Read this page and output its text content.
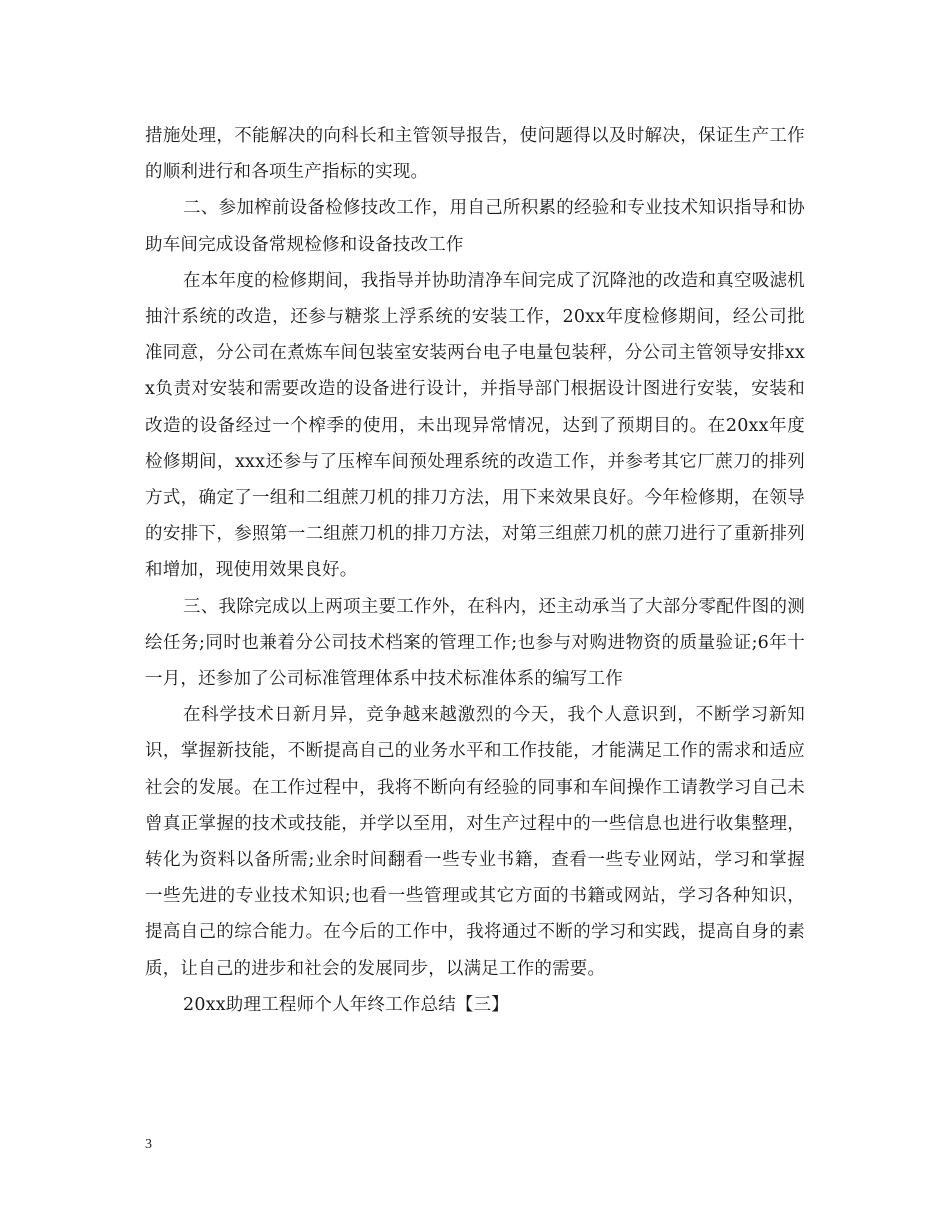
措施处理，不能解决的向科长和主管领导报告，使问题得以及时解决，保证生产工作的顺利进行和各项生产指标的实现。

二、参加榨前设备检修技改工作，用自己所积累的经验和专业技术知识指导和协助车间完成设备常规检修和设备技改工作

在本年度的检修期间，我指导并协助清净车间完成了沉降池的改造和真空吸滤机抽汁系统的改造，还参与糖浆上浮系统的安装工作，20xx年度检修期间，经公司批准同意，分公司在煮炼车间包装室安装两台电子电量包装秤，分公司主管领导安排xxx负责对安装和需要改造的设备进行设计，并指导部门根据设计图进行安装，安装和改造的设备经过一个榨季的使用，未出现异常情况，达到了预期目的。在20xx年度检修期间，xxx还参与了压榨车间预处理系统的改造工作，并参考其它厂蔗刀的排列方式，确定了一组和二组蔗刀机的排刀方法，用下来效果良好。今年检修期，在领导的安排下，参照第一二组蔗刀机的排刀方法，对第三组蔗刀机的蔗刀进行了重新排列和增加，现使用效果良好。

三、我除完成以上两项主要工作外，在科内，还主动承当了大部分零配件图的测绘任务;同时也兼着分公司技术档案的管理工作;也参与对购进物资的质量验证;6年十一月，还参加了公司标准管理体系中技术标准体系的编写工作

在科学技术日新月异，竞争越来越激烈的今天，我个人意识到，不断学习新知识，掌握新技能，不断提高自己的业务水平和工作技能，才能满足工作的需求和适应社会的发展。在工作过程中，我将不断向有经验的同事和车间操作工请教学习自己未曾真正掌握的技术或技能，并学以至用，对生产过程中的一些信息也进行收集整理，转化为资料以备所需;业余时间翻看一些专业书籍，查看一些专业网站，学习和掌握一些先进的专业技术知识;也看一些管理或其它方面的书籍或网站，学习各种知识，提高自己的综合能力。在今后的工作中，我将通过不断的学习和实践，提高自身的素质，让自己的进步和社会的发展同步，以满足工作的需要。

20xx助理工程师个人年终工作总结【三】

3
